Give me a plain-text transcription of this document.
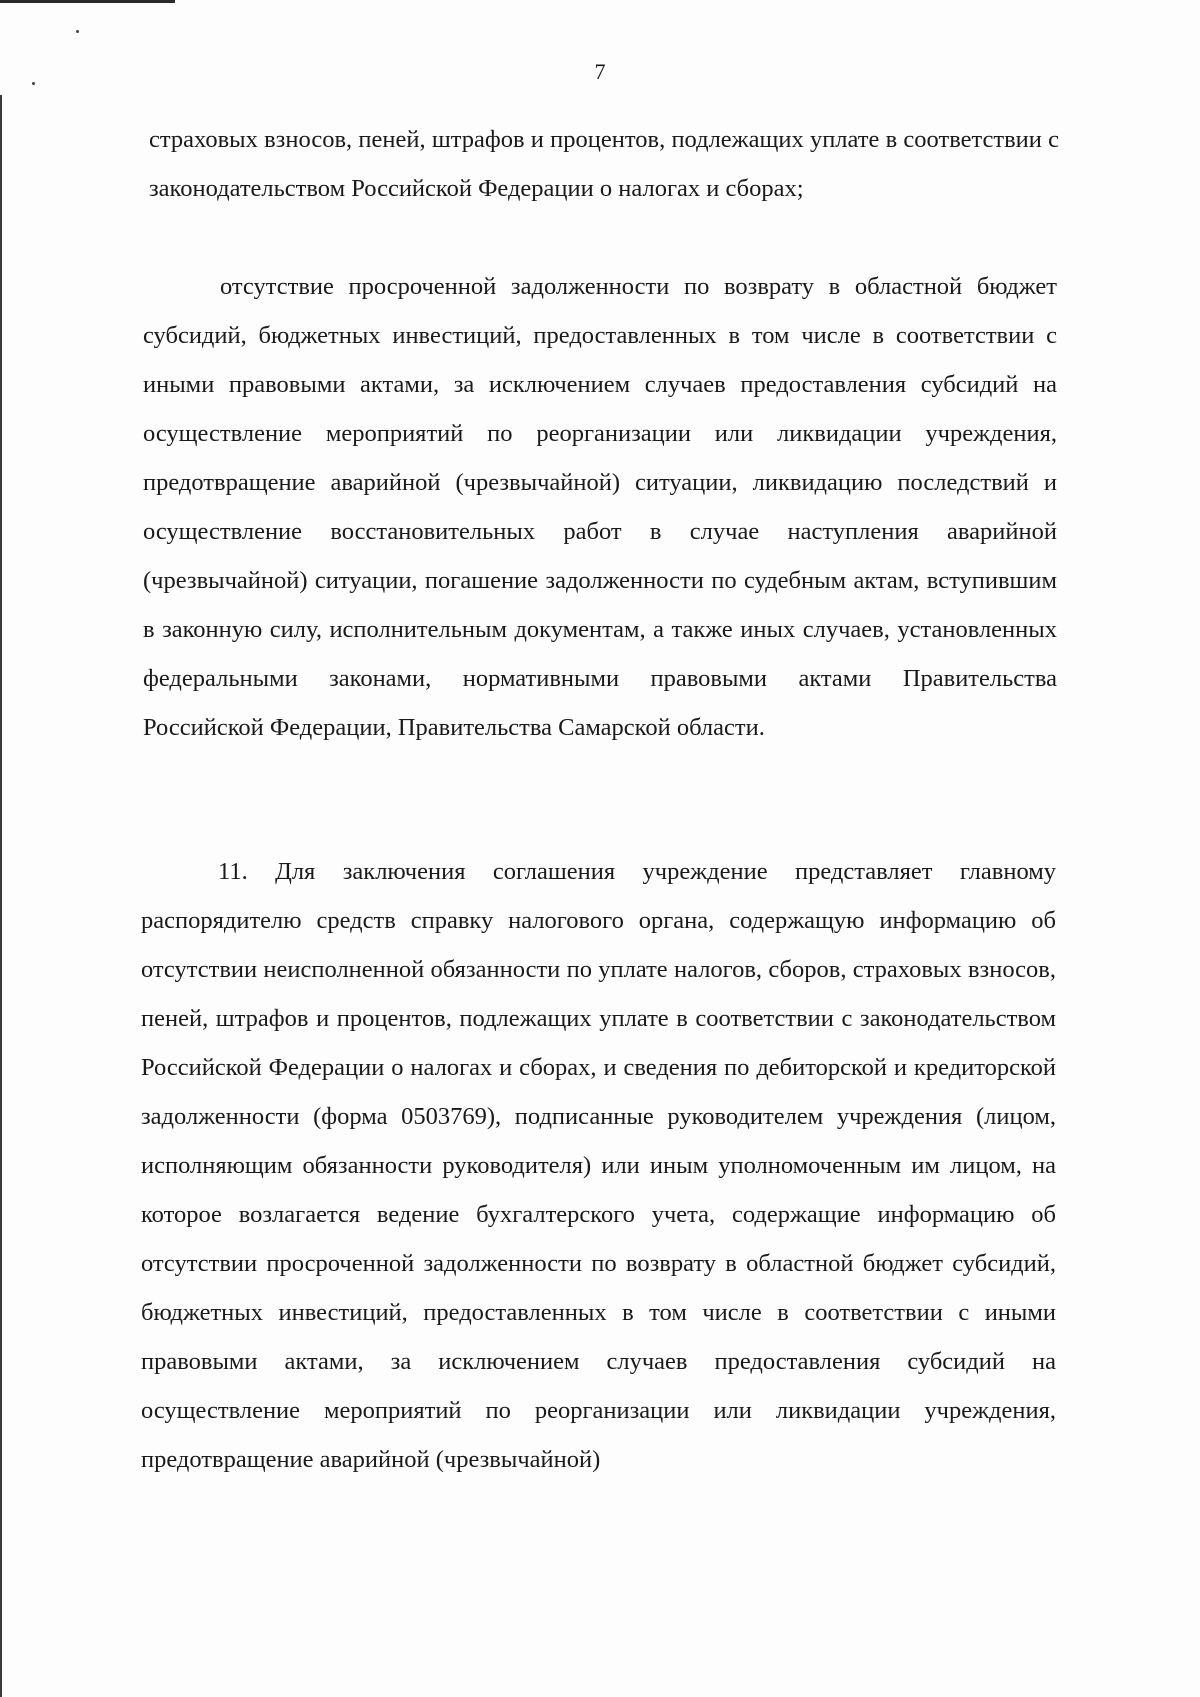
7

страховых взносов, пеней, штрафов и процентов, подлежащих уплате в соответствии с законодательством Российской Федерации о налогах и сборах;

отсутствие просроченной задолженности по возврату в областной бюджет субсидий, бюджетных инвестиций, предоставленных в том числе в соответствии с иными правовыми актами, за исключением случаев предоставления субсидий на осуществление мероприятий по реорганизации или ликвидации учреждения, предотвращение аварийной (чрезвычайной) ситуации, ликвидацию последствий и осуществление восстановительных работ в случае наступления аварийной (чрезвычайной) ситуации, погашение задолженности по судебным актам, вступившим в законную силу, исполнительным документам, а также иных случаев, установленных федеральными законами, нормативными правовыми актами Правительства Российской Федерации, Правительства Самарской области.

11. Для заключения соглашения учреждение представляет главному распорядителю средств справку налогового органа, содержащую информацию об отсутствии неисполненной обязанности по уплате налогов, сборов, страховых взносов, пеней, штрафов и процентов, подлежащих уплате в соответствии с законодательством Российской Федерации о налогах и сборах, и сведения по дебиторской и кредиторской задолженности (форма 0503769), подписанные руководителем учреждения (лицом, исполняющим обязанности руководителя) или иным уполномоченным им лицом, на которое возлагается ведение бухгалтерского учета, содержащие информацию об отсутствии просроченной задолженности по возврату в областной бюджет субсидий, бюджетных инвестиций, предоставленных в том числе в соответствии с иными правовыми актами, за исключением случаев предоставления субсидий на осуществление мероприятий по реорганизации или ликвидации учреждения, предотвращение аварийной (чрезвычайной)
